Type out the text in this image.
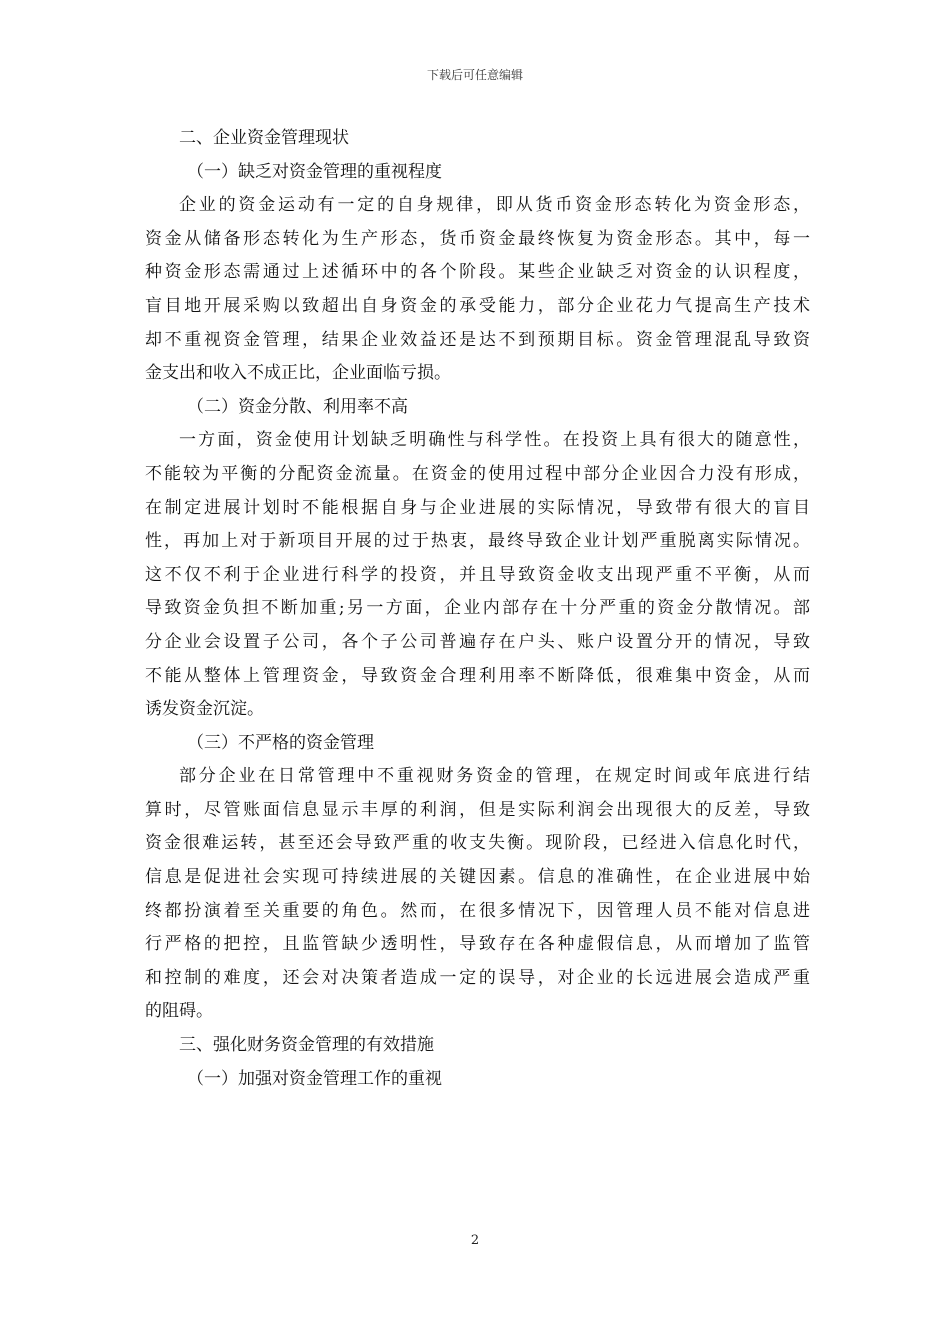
下载后可任意编辑
二、企业资金管理现状
（一）缺乏对资金管理的重视程度
企业的资金运动有一定的自身规律，即从货币资金形态转化为资金形态，
资金从储备形态转化为生产形态，货币资金最终恢复为资金形态。其中，每一
种资金形态需通过上述循环中的各个阶段。某些企业缺乏对资金的认识程度，
盲目地开展采购以致超出自身资金的承受能力，部分企业花力气提高生产技术
却不重视资金管理，结果企业效益还是达不到预期目标。资金管理混乱导致资
金支出和收入不成正比，企业面临亏损。
（二）资金分散、利用率不高
一方面，资金使用计划缺乏明确性与科学性。在投资上具有很大的随意性，
不能较为平衡的分配资金流量。在资金的使用过程中部分企业因合力没有形成，
在制定进展计划时不能根据自身与企业进展的实际情况，导致带有很大的盲目
性，再加上对于新项目开展的过于热衷，最终导致企业计划严重脱离实际情况。
这不仅不利于企业进行科学的投资，并且导致资金收支出现严重不平衡，从而
导致资金负担不断加重;另一方面，企业内部存在十分严重的资金分散情况。部
分企业会设置子公司，各个子公司普遍存在户头、账户设置分开的情况，导致
不能从整体上管理资金，导致资金合理利用率不断降低，很难集中资金，从而
诱发资金沉淀。
（三）不严格的资金管理
部分企业在日常管理中不重视财务资金的管理，在规定时间或年底进行结
算时，尽管账面信息显示丰厚的利润，但是实际利润会出现很大的反差，导致
资金很难运转，甚至还会导致严重的收支失衡。现阶段，已经进入信息化时代，
信息是促进社会实现可持续进展的关键因素。信息的准确性，在企业进展中始
终都扮演着至关重要的角色。然而，在很多情况下，因管理人员不能对信息进
行严格的把控，且监管缺少透明性，导致存在各种虚假信息，从而增加了监管
和控制的难度，还会对决策者造成一定的误导，对企业的长远进展会造成严重
的阻碍。
三、强化财务资金管理的有效措施
（一）加强对资金管理工作的重视
2
